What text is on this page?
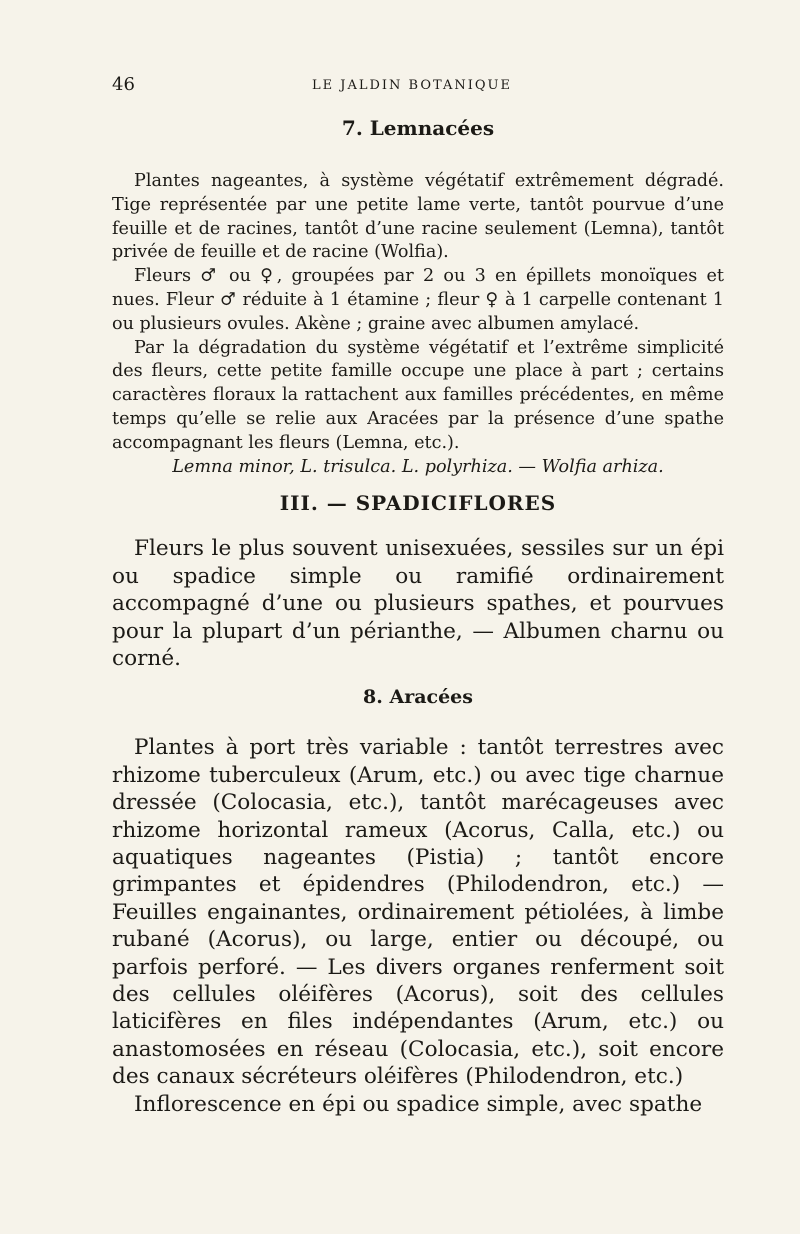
46	LE JALDIN BOTANIQUE
7. Lemnacées

Plantes nageantes, à système végétatif extrêmement dégradé. Tige représentée par une petite lame verte, tantôt pourvue d’une feuille et de racines, tantôt d’une racine seulement (Lemna), tantôt privée de feuille et de racine (Wolfia).

Fleurs ♂ ou ♀, groupées par 2 ou 3 en épillets monoïques et nues. Fleur ♂ réduite à 1 étamine ; fleur ♀ à 1 carpelle contenant 1 ou plusieurs ovules. Akène ; graine avec albumen amylacé.

Par la dégradation du système végétatif et l’extrême simplicité des fleurs, cette petite famille occupe une place à part ; certains caractères floraux la rattachent aux familles précédentes, en même temps qu’elle se relie aux Aracées par la présence d’une spathe accompagnant les fleurs (Lemna, etc.).

Lemna minor, L. trisulca. L. polyrhiza. — Wolfia arhiza.

III. — SPADICIFLORES

Fleurs le plus souvent unisexuées, sessiles sur un épi ou spadice simple ou ramifié ordinairement accompagné d’une ou plusieurs spathes, et pourvues pour la plupart d’un périanthe, — Albumen charnu ou corné.

8. Aracées

Plantes à port très variable : tantôt terrestres avec rhizome tuberculeux (Arum, etc.) ou avec tige charnue dressée (Colocasia, etc.), tantôt marécageuses avec rhizome horizontal rameux (Acorus, Calla, etc.) ou aquatiques nageantes (Pistia) ; tantôt encore grimpantes et épidendres (Philodendron, etc.) — Feuilles engainantes, ordinairement pétiolées, à limbe rubané (Acorus), ou large, entier ou découpé, ou parfois perforé. — Les divers organes renferment soit des cellules oléifères (Acorus), soit des cellules laticifères en files indépendantes (Arum, etc.) ou anastomosées en réseau (Colocasia, etc.), soit encore des canaux sécréteurs oléifères (Philodendron, etc.)

Inflorescence en épi ou spadice simple, avec spathe
